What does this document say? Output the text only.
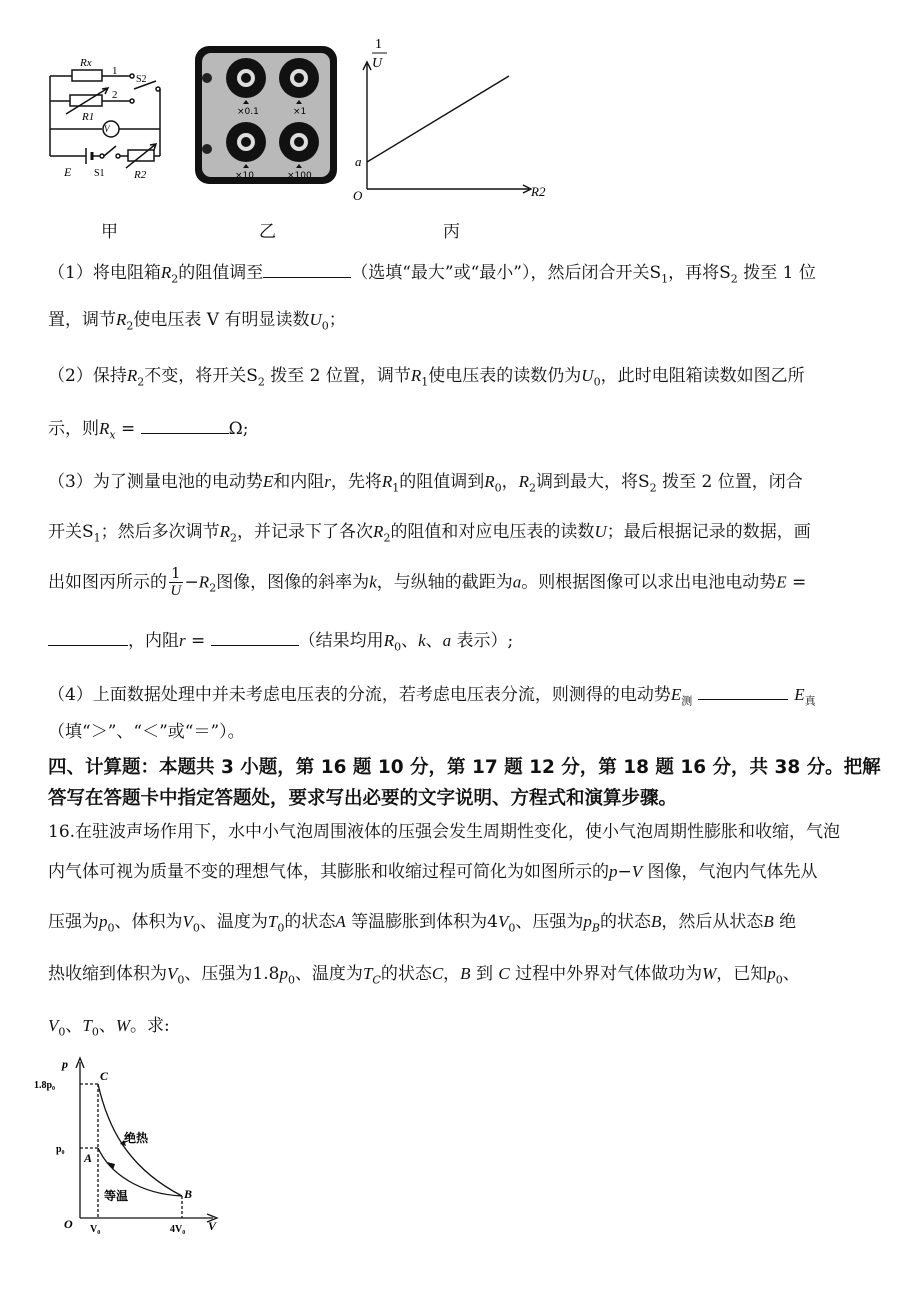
V
Rx
1
S2
2
R1
E S1	R2
×0.1	×1
×10	×100
1
U
a
O	R2
甲	乙	丙
（1）将电阻箱$R_2$的阻值调至	（选填“最大”或“最小”），然后闭合开关$S_1$，再将$S_2$ 拨至 1 位
置，调节$R_2$使电压表 V 有明显读数$U_0$；
（2）保持$R_2$不变，将开关$S_2$ 拨至 2 位置，调节$R_1$使电压表的读数仍为$U_0$，此时电阻箱读数如图乙所
示，则$R_x$ =	Ω;
（3）为了测量电池的电动势E和内阻r，先将$R_1$的阻值调到$R_0$，$R_2$调到最大，将$S_2$ 拨至 2 位置，闭合
开关$S_1$；然后多次调节$R_2$，并记录下了各次$R_2$的阻值和对应电压表的读数U；最后根据记录的数据，画
出如图丙所示的 $\frac{1}{U} -R_2$图像，图像的斜率为k，与纵轴的截距为a。则根据图像可以求出电池电动势E =
，内阻r =	（结果均用$R_0$、k、a 表示）;
（4）上面数据处理中并未考虑电压表的分流，若考虑电压表分流，则测得的电动势$E_测$	$E_真$
（填“＞”、“＜”或“＝”）。
四、计算题：本题共 3 小题，第 16 题 10 分，第 17 题 12 分，第 18 题 16 分，共 38 分。把解
答写在答题卡中指定答题处，要求写出必要的文字说明、方程式和演算步骤。
16.在驻波声场作用下，水中小气泡周围液体的压强会发生周期性变化，使小气泡周期性膨胀和收缩，气泡
内气体可视为质量不变的理想气体，其膨胀和收缩过程可简化为如图所示的p−V 图像，气泡内气体先从
压强为$p_0$、体积为$V_0$、温度为$T_0$的状态A 等温膨胀到体积为$4V_0$、压强为$p_B$的状态B，然后从状态B 绝
热收缩到体积为$V_0$、压强为$1.8p_0$、温度为$T_C$的状态C，B 到 C 过程中外界对气体做功为W，已知$p_0$、
$V_0$、$T_0$、W。求:
p
1.8p₀
p₀
C
A
B
绝热
等温
O V₀	4V₀ V
